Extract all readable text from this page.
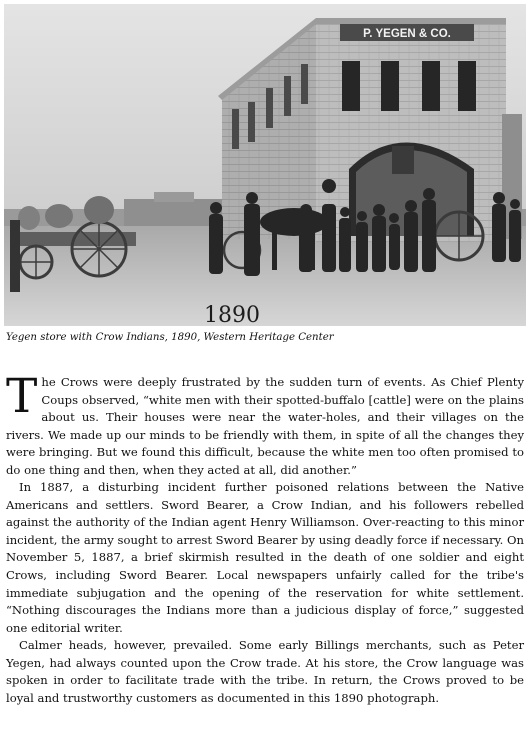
P. YEGEN & CO.
1890
Yegen store with Crow Indians, 1890, Western Heritage Center

The Crows were deeply frustrated by the sudden turn of events. As Chief Plenty Coups observed, “white men with their spotted-buffalo [cattle] were on the plains about us. Their houses were near the water-holes, and their villages on the rivers. We made up our minds to be friendly with them, in spite of all the changes they were bringing. But we found this difficult, because the white men too often promised to do one thing and then, when they acted at all, did another.”

In 1887, a disturbing incident further poisoned relations between the Native Americans and settlers. Sword Bearer, a Crow Indian, and his followers rebelled against the authority of the Indian agent Henry Williamson. Over-reacting to this minor incident, the army sought to arrest Sword Bearer by using deadly force if necessary. On November 5, 1887, a brief skirmish resulted in the death of one soldier and eight Crows, including Sword Bearer. Local newspapers unfairly called for the tribe's immediate subjugation and the opening of the reservation for white settlement. “Nothing discourages the Indians more than a judicious display of force,” suggested one editorial writer.

Calmer heads, however, prevailed. Some early Billings merchants, such as Peter Yegen, had always counted upon the Crow trade. At his store, the Crow language was spoken in order to facilitate trade with the tribe. In return, the Crows proved to be loyal and trustworthy customers as documented in this 1890 photograph.
